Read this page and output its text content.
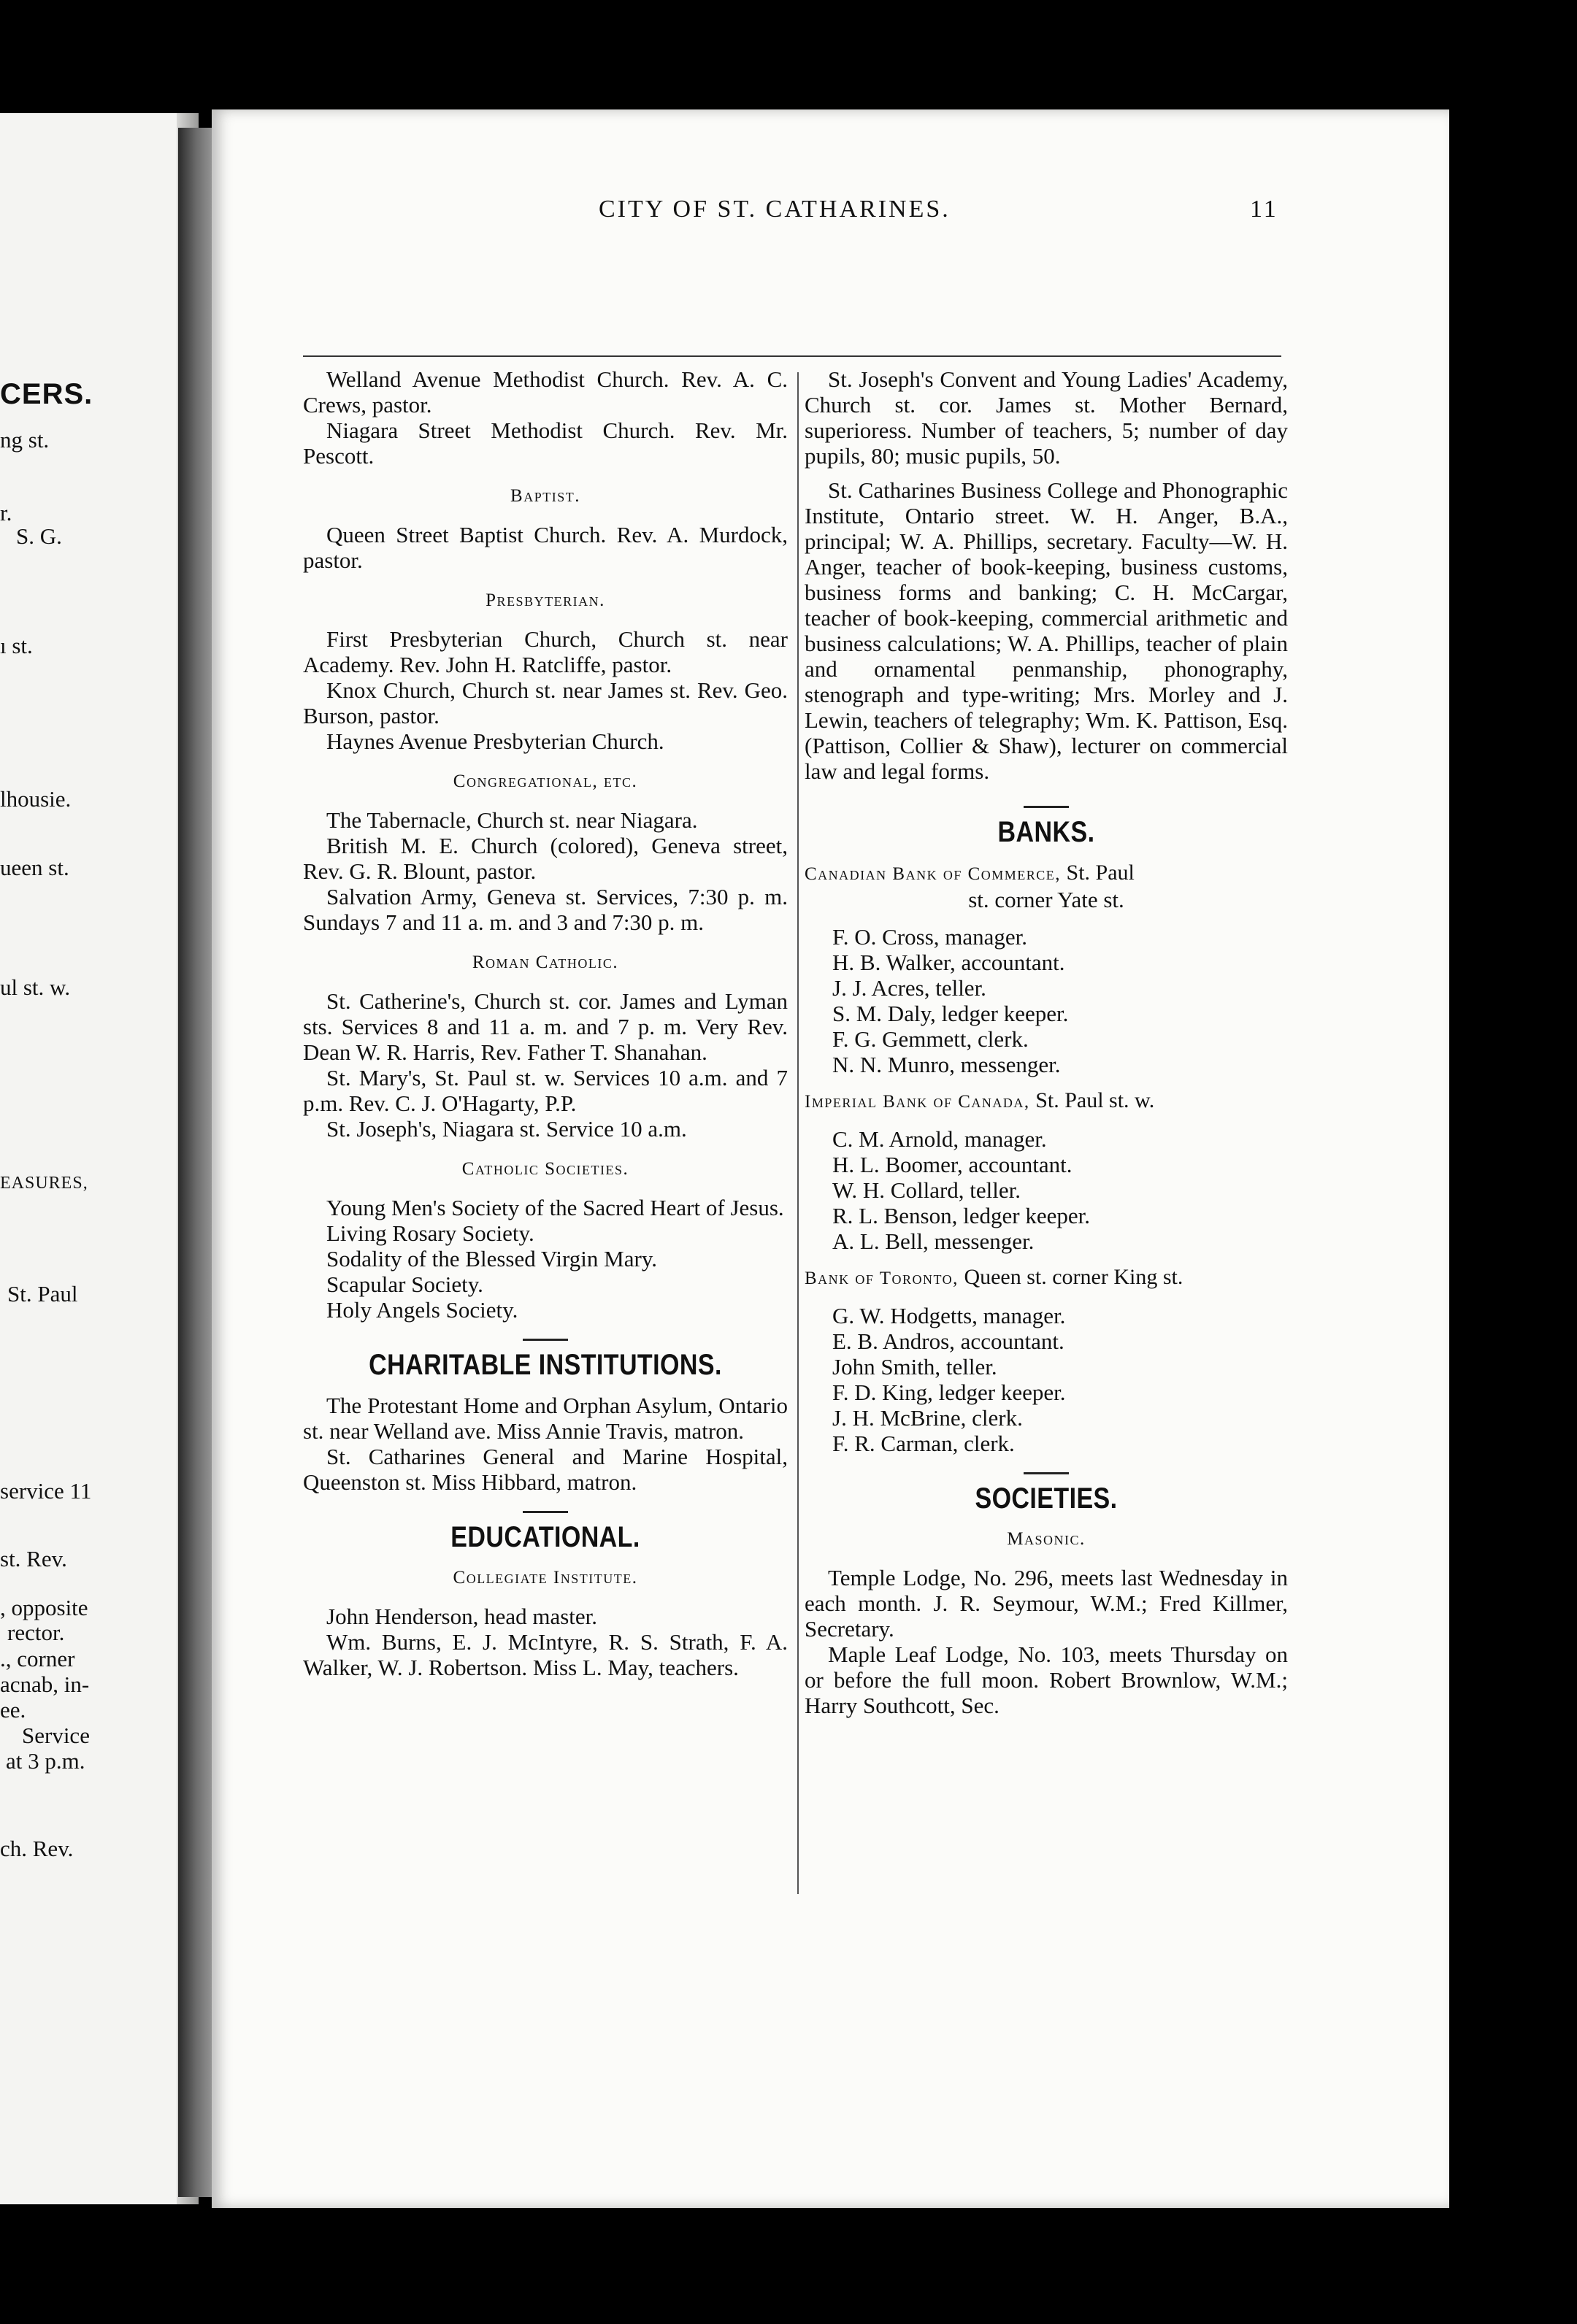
CERS.
ng st.
r.
S. G.
ı st.
lhousie.
ueen st.
ul st. w.
EASURES,
St. Paul
service 11
st. Rev.
, opposite
rector.
., corner
acnab, in-
ee.
Service
at 3 p.m.
ch. Rev.
CITY OF ST. CATHARINES.	11

Welland Avenue Methodist Church. Rev. A. C. Crews, pastor.

Niagara Street Methodist Church. Rev. Mr. Pescott.

Baptist.

Queen Street Baptist Church. Rev. A. Murdock, pastor.

Presbyterian.

First Presbyterian Church, Church st. near Academy. Rev. John H. Ratcliffe, pastor.

Knox Church, Church st. near James st. Rev. Geo. Burson, pastor.

Haynes Avenue Presbyterian Church.

Congregational, etc.

The Tabernacle, Church st. near Niagara.

British M. E. Church (colored), Geneva street, Rev. G. R. Blount, pastor.

Salvation Army, Geneva st. Services, 7:30 p. m. Sundays 7 and 11 a. m. and 3 and 7:30 p. m.

Roman Catholic.

St. Catherine's, Church st. cor. James and Lyman sts. Services 8 and 11 a. m. and 7 p. m. Very Rev. Dean W. R. Harris, Rev. Father T. Shanahan.

St. Mary's, St. Paul st. w. Services 10 a.m. and 7 p.m. Rev. C. J. O'Hagarty, P.P.

St. Joseph's, Niagara st. Service 10 a.m.

Catholic Societies.

Young Men's Society of the Sacred Heart of Jesus.

Living Rosary Society.

Sodality of the Blessed Virgin Mary.

Scapular Society.

Holy Angels Society.

CHARITABLE INSTITUTIONS.

The Protestant Home and Orphan Asylum, Ontario st. near Welland ave. Miss Annie Travis, matron.

St. Catharines General and Marine Hospital, Queenston st. Miss Hibbard, matron.

EDUCATIONAL.
Collegiate Institute.

John Henderson, head master.

Wm. Burns, E. J. McIntyre, R. S. Strath, F. A. Walker, W. J. Robertson. Miss L. May, teachers.

St. Joseph's Convent and Young Ladies' Academy, Church st. cor. James st. Mother Bernard, superioress. Number of teachers, 5; number of day pupils, 80; music pupils, 50.

St. Catharines Business College and Phonographic Institute, Ontario street. W. H. Anger, B.A., principal; W. A. Phillips, secretary. Faculty—W. H. Anger, teacher of book-keeping, business customs, business forms and banking; C. H. McCargar, teacher of book-keeping, commercial arithmetic and business calculations; W. A. Phillips, teacher of plain and ornamental penmanship, phonography, stenograph and type-writing; Mrs. Morley and J. Lewin, teachers of telegraphy; Wm. K. Pattison, Esq. (Pattison, Collier & Shaw), lecturer on commercial law and legal forms.

BANKS.

Canadian Bank of Commerce, St. Paul

st. corner Yate st.

F. O. Cross, manager.

H. B. Walker, accountant.

J. J. Acres, teller.

S. M. Daly, ledger keeper.

F. G. Gemmett, clerk.

N. N. Munro, messenger.

Imperial Bank of Canada, St. Paul st. w.

C. M. Arnold, manager.

H. L. Boomer, accountant.

W. H. Collard, teller.

R. L. Benson, ledger keeper.

A. L. Bell, messenger.

Bank of Toronto, Queen st. corner King st.

G. W. Hodgetts, manager.

E. B. Andros, accountant.

John Smith, teller.

F. D. King, ledger keeper.

J. H. McBrine, clerk.

F. R. Carman, clerk.

SOCIETIES.
Masonic.

Temple Lodge, No. 296, meets last Wednesday in each month. J. R. Seymour, W.M.; Fred Killmer, Secretary.

Maple Leaf Lodge, No. 103, meets Thursday on or before the full moon. Robert Brownlow, W.M.; Harry Southcott, Sec.
